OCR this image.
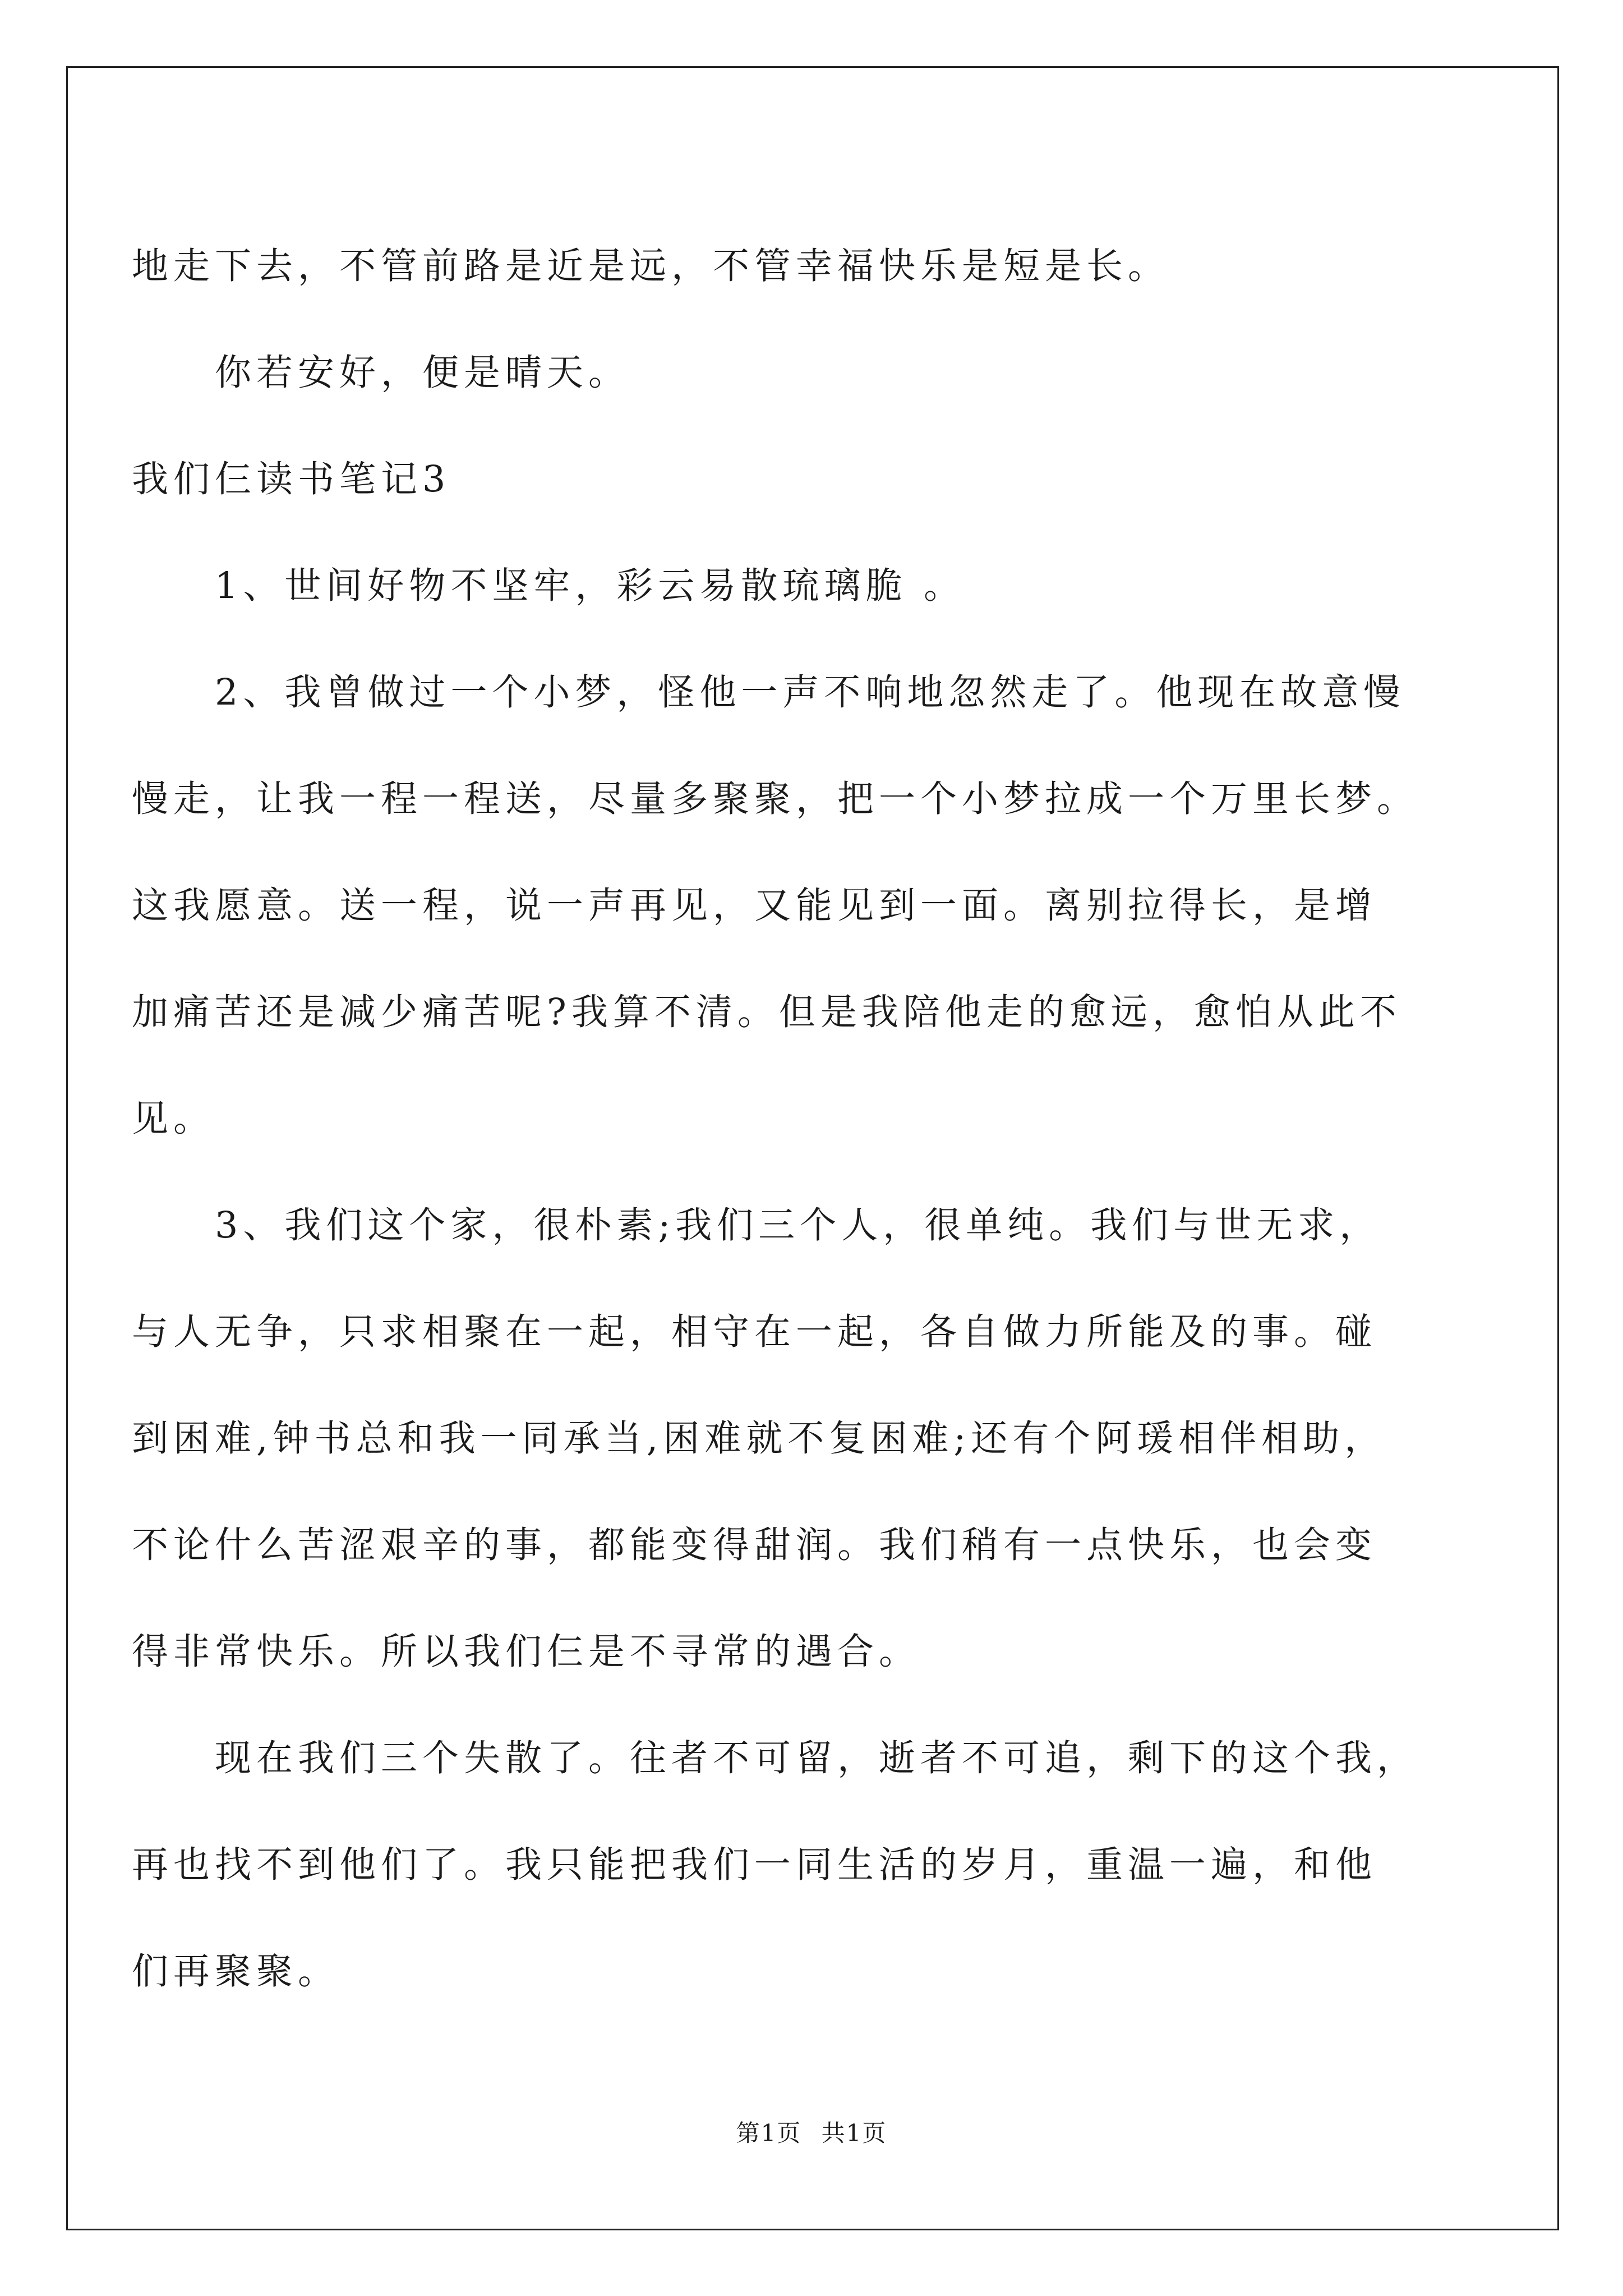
地走下去，不管前路是近是远，不管幸福快乐是短是长。
你若安好，便是晴天。
我们仨读书笔记3
1、世间好物不坚牢，彩云易散琉璃脆 。
2、我曾做过一个小梦，怪他一声不响地忽然走了。他现在故意慢
慢走，让我一程一程送，尽量多聚聚，把一个小梦拉成一个万里长梦。
这我愿意。送一程，说一声再见，又能见到一面。离别拉得长，是增
加痛苦还是减少痛苦呢?我算不清。但是我陪他走的愈远，愈怕从此不
见。
3、我们这个家，很朴素;我们三个人，很单纯。我们与世无求，
与人无争，只求相聚在一起，相守在一起，各自做力所能及的事。碰
到困难,钟书总和我一同承当,困难就不复困难;还有个阿瑗相伴相助，
不论什么苦涩艰辛的事，都能变得甜润。我们稍有一点快乐，也会变
得非常快乐。所以我们仨是不寻常的遇合。
现在我们三个失散了。往者不可留，逝者不可追，剩下的这个我，
再也找不到他们了。我只能把我们一同生活的岁月，重温一遍，和他
们再聚聚。
第1页 共1页
